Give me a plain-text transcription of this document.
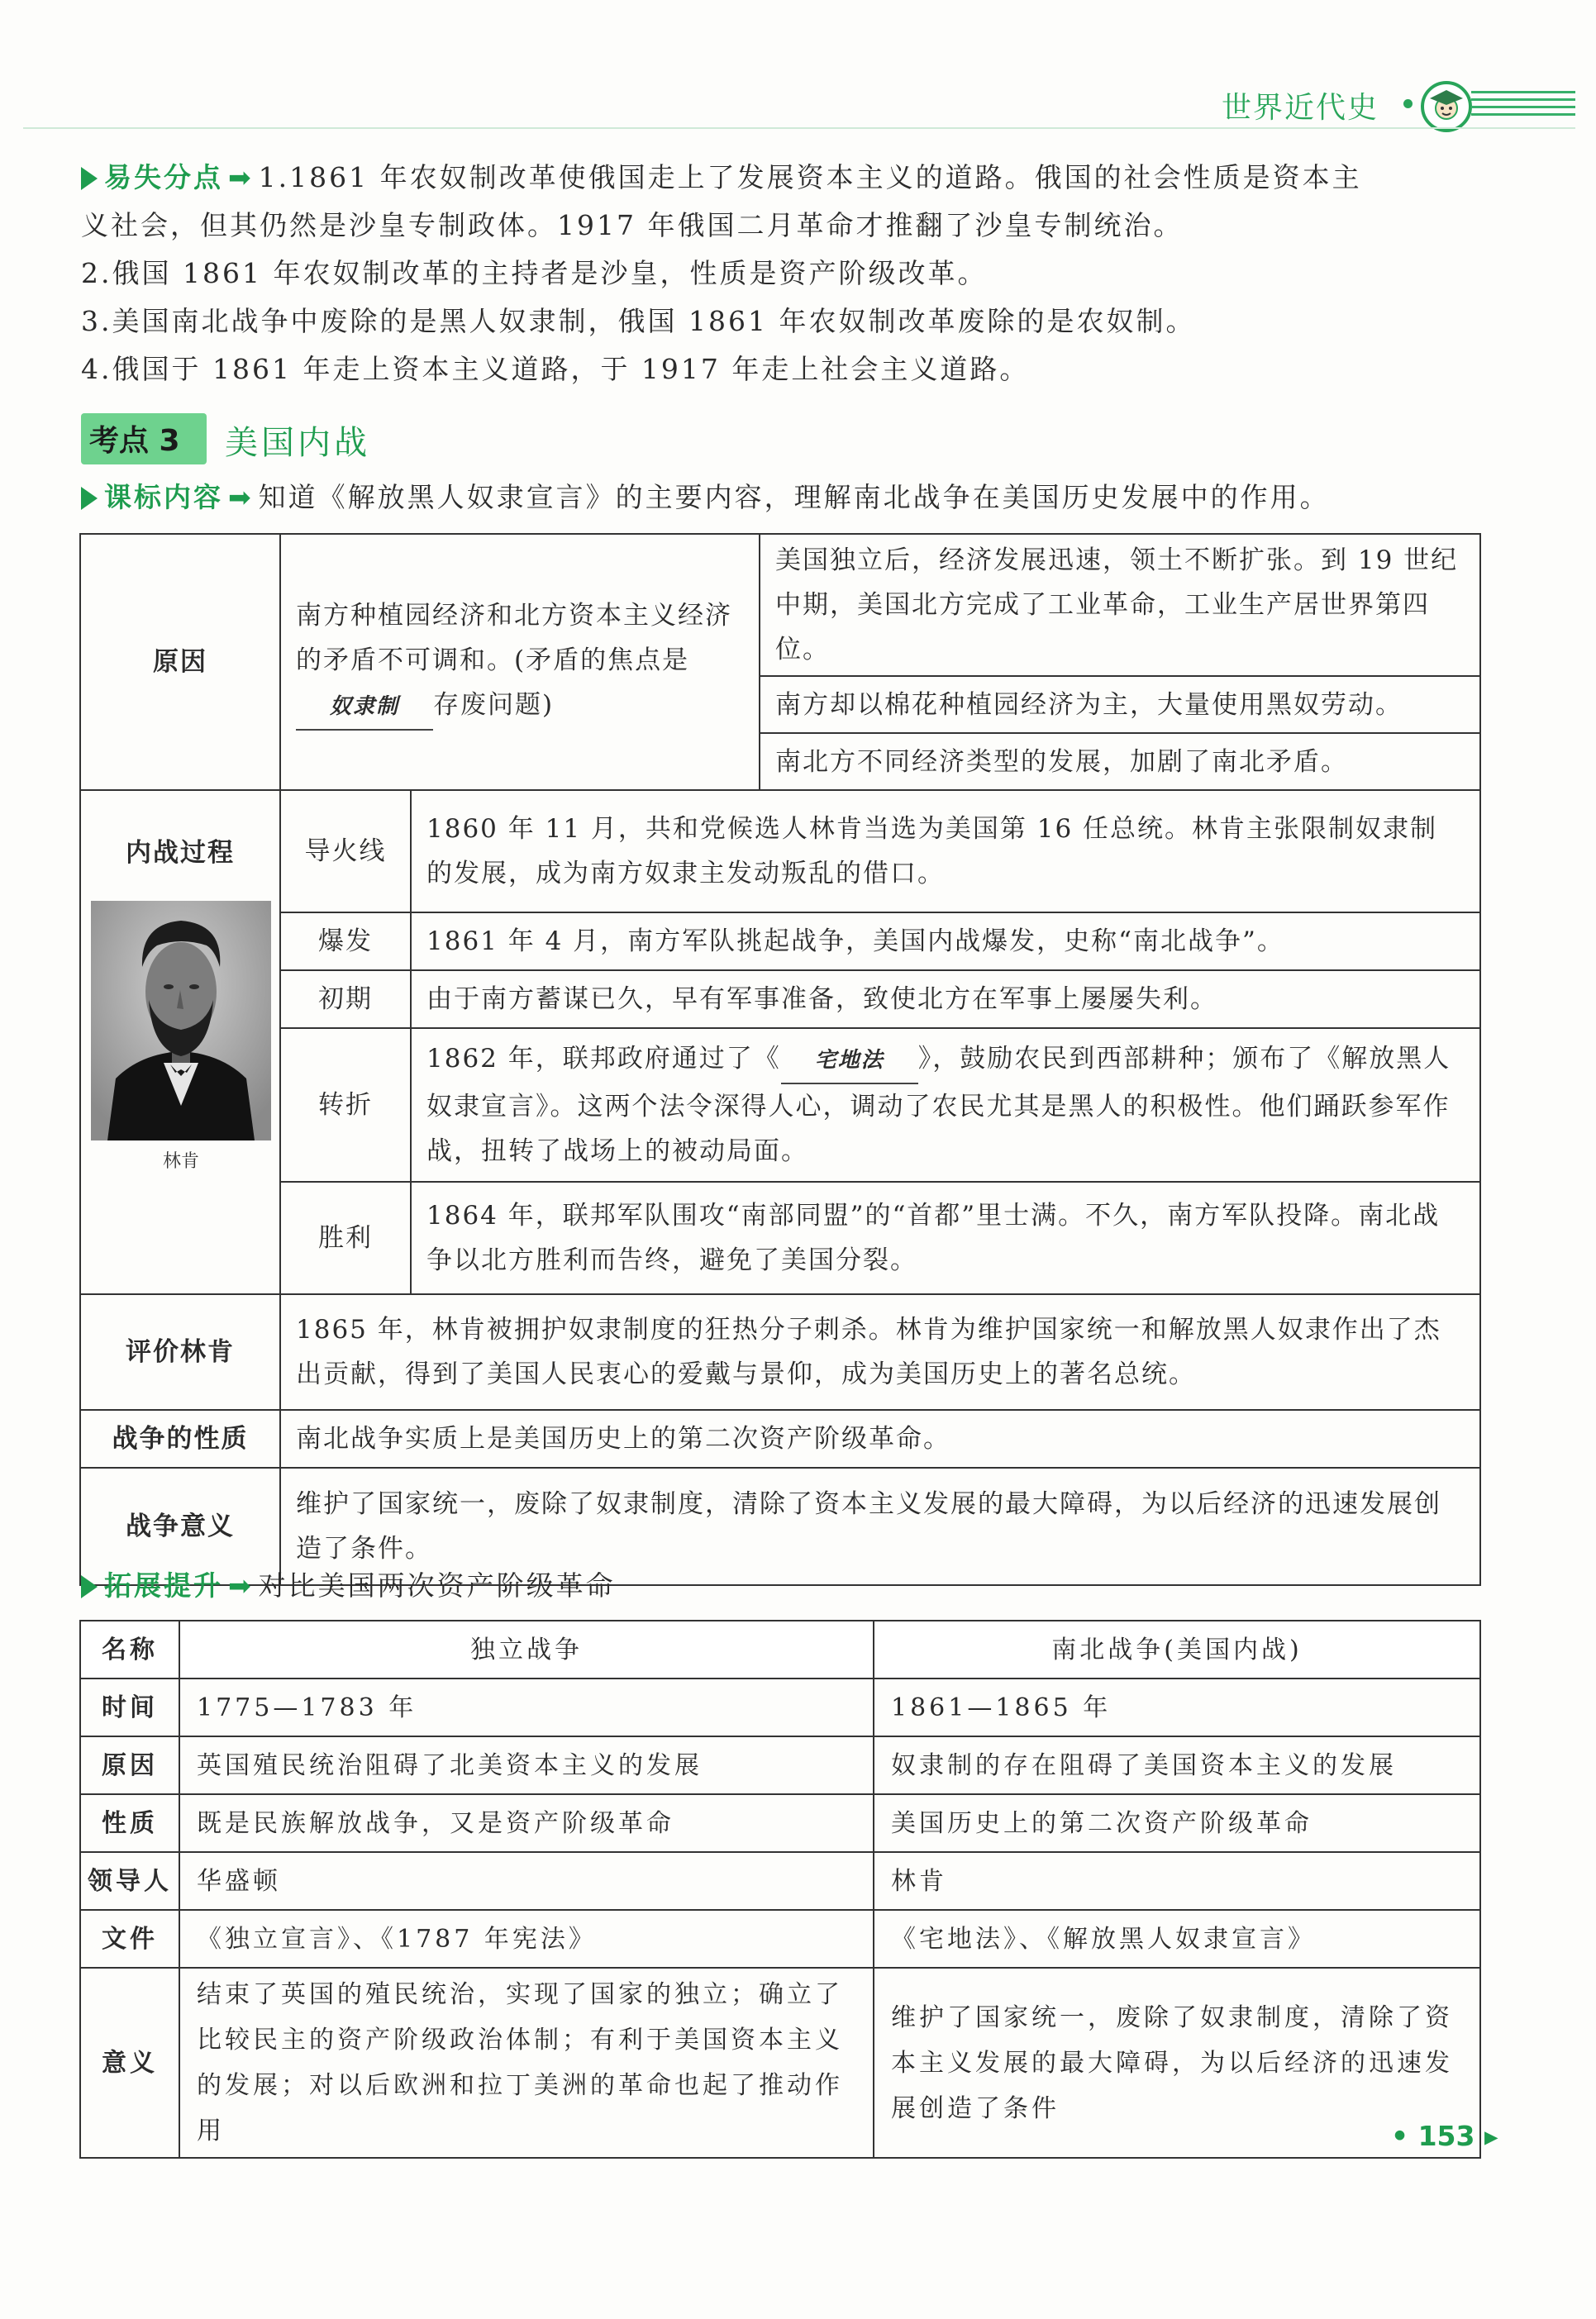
世界近代史
易失分点 ➡ 1.1861 年农奴制改革使俄国走上了发展资本主义的道路。俄国的社会性质是资本主
义社会，但其仍然是沙皇专制政体。1917 年俄国二月革命才推翻了沙皇专制统治。
2.俄国 1861 年农奴制改革的主持者是沙皇，性质是资产阶级改革。
3.美国南北战争中废除的是黑人奴隶制，俄国 1861 年农奴制改革废除的是农奴制。
4.俄国于 1861 年走上资本主义道路，于 1917 年走上社会主义道路。
考点 3 美国内战
课标内容 ➡ 知道《解放黑人奴隶宣言》的主要内容，理解南北战争在美国历史发展中的作用。
原因	南方种植园经济和北方资本主义经济的矛盾不可调和。(矛盾的焦点是奴隶制 存废问题)		美国独立后，经济发展迅速，领土不断扩张。到 19 世纪中期，美国北方完成了工业革命，工业生产居世界第四位。
			南方却以棉花种植园经济为主，大量使用黑奴劳动。
			南北方不同经济类型的发展，加剧了南北矛盾。
内战过程	导火线	1860 年 11 月，共和党候选人林肯当选为美国第 16 任总统。林肯主张限制奴隶制的发展，成为南方奴隶主发动叛乱的借口。	
	爆发	1861 年 4 月，南方军队挑起战争，美国内战爆发，史称“南北战争”。	
	初期	由于南方蓄谋已久，早有军事准备，致使北方在军事上屡屡失利。	
	转折	1862 年，联邦政府通过了《 宅地法 》，鼓励农民到西部耕种；颁布了《解放黑人奴隶宣言》。这两个法令深得人心，调动了农民尤其是黑人的积极性。他们踊跃参军作战，扭转了战场上的被动局面。	
	胜利	1864 年，联邦军队围攻“南部同盟”的“首都”里士满。不久，南方军队投降。南北战争以北方胜利而告终，避免了美国分裂。	
评价林肯	1865 年，林肯被拥护奴隶制度的狂热分子刺杀。林肯为维护国家统一和解放黑人奴隶作出了杰出贡献，得到了美国人民衷心的爱戴与景仰，成为美国历史上的著名总统。		
战争的性质	南北战争实质上是美国历史上的第二次资产阶级革命。		
战争意义	维护了国家统一，废除了奴隶制度，清除了资本主义发展的最大障碍，为以后经济的迅速发展创造了条件。		
林肯
拓展提升 ➡ 对比美国两次资产阶级革命
名称	独立战争	南北战争(美国内战)
时间	1775—1783 年	1861—1865 年
原因	英国殖民统治阻碍了北美资本主义的发展	奴隶制的存在阻碍了美国资本主义的发展
性质	既是民族解放战争，又是资产阶级革命	美国历史上的第二次资产阶级革命
领导人	华盛顿	林肯
文件	《独立宣言》、《1787 年宪法》	《宅地法》、《解放黑人奴隶宣言》
意义	结束了英国的殖民统治，实现了国家的独立；确立了比较民主的资产阶级政治体制；有利于美国资本主义的发展；对以后欧洲和拉丁美洲的革命也起了推动作用	维护了国家统一，废除了奴隶制度，清除了资本主义发展的最大障碍，为以后经济的迅速发展创造了条件
• 153 ▸
